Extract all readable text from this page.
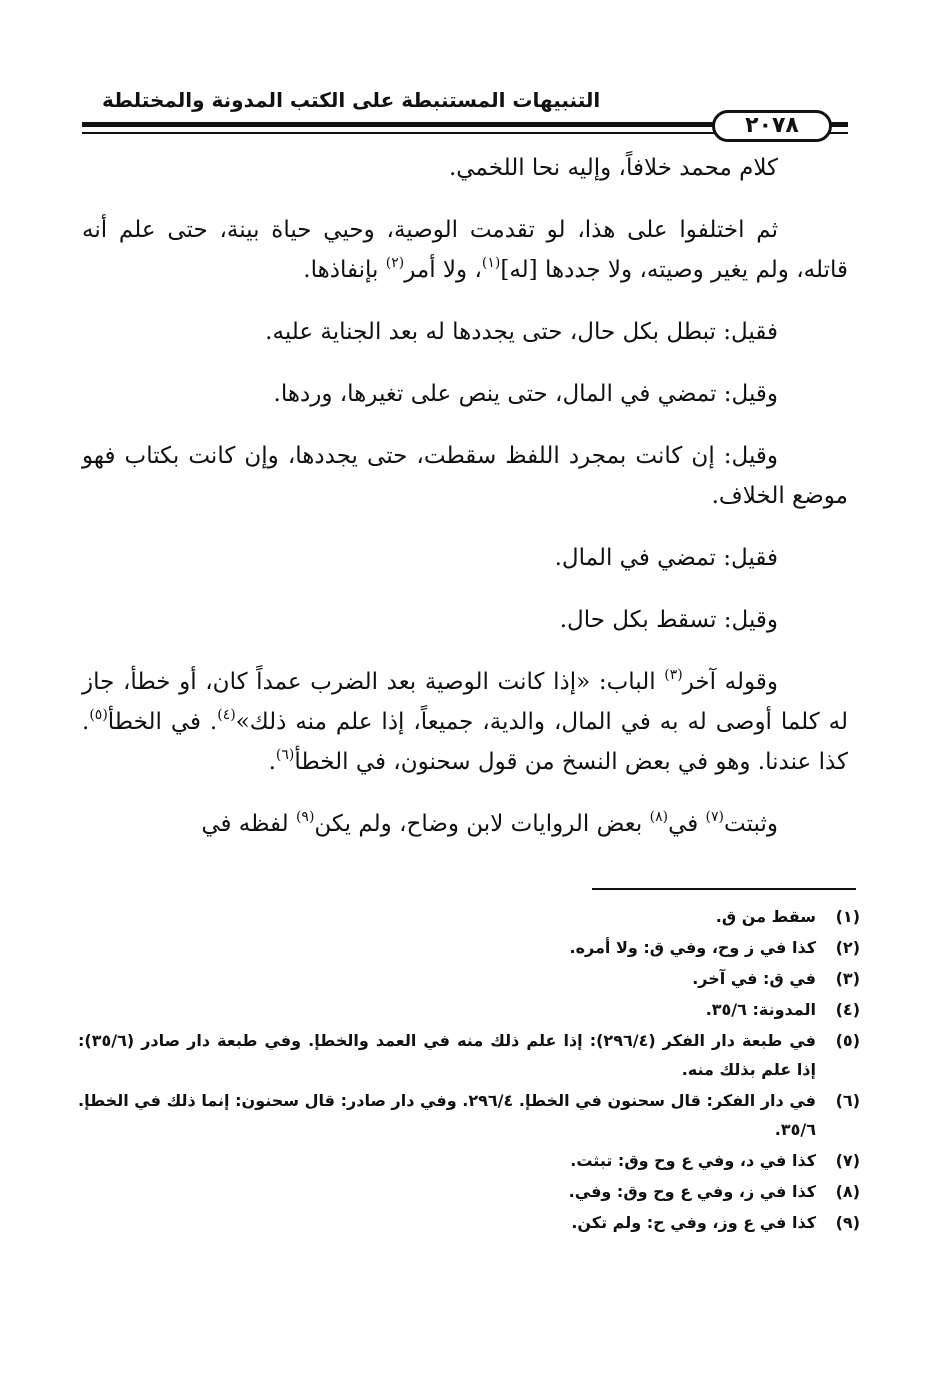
التنبيهات المستنبطة على الكتب المدونة والمختلطة
٢٠٧٨

كلام محمد خلافاً، وإليه نحا اللخمي.

ثم اختلفوا على هذا، لو تقدمت الوصية، وحيي حياة بينة، حتى علم أنه قاتله، ولم يغير وصيته، ولا جددها [له]$^{(١)}$، ولا أمر$^{(٢)}$ بإنفاذها.

فقيل: تبطل بكل حال، حتى يجددها له بعد الجناية عليه.

وقيل: تمضي في المال، حتى ينص على تغيرها، وردها.

وقيل: إن كانت بمجرد اللفظ سقطت، حتى يجددها، وإن كانت بكتاب فهو موضع الخلاف.

فقيل: تمضي في المال.

وقيل: تسقط بكل حال.

وقوله آخر$^{(٣)}$ الباب: «إذا كانت الوصية بعد الضرب عمداً كان، أو خطأ، جاز له كلما أوصى له به في المال، والدية، جميعاً، إذا علم منه ذلك»$^{(٤)}$. في الخطأ$^{(٥)}$. كذا عندنا. وهو في بعض النسخ من قول سحنون، في الخطأ$^{(٦)}$.

وثبتت$^{(٧)}$ في$^{(٨)}$ بعض الروايات لابن وضاح، ولم يكن$^{(٩)}$ لفظه في

(١)
سقط من ق.
(٢)
كذا في ز وح، وفي ق: ولا أمره.
(٣)
في ق: في آخر.
(٤)
المدونة: ٣٥/٦.
(٥)
في طبعة دار الفكر (٢٩٦/٤): إذا علم ذلك منه في العمد والخطإ. وفي طبعة دار صادر (٣٥/٦): إذا علم بذلك منه.
(٦)
في دار الفكر: قال سحنون في الخطإ. ٢٩٦/٤. وفي دار صادر: قال سحنون: إنما ذلك في الخطإ. ٣٥/٦.
(٧)
كذا في د، وفي ع وح وق: تبثت.
(٨)
كذا في ز، وفي ع وح وق: وفي.
(٩)
كذا في ع وز، وفي ح: ولم تكن.
